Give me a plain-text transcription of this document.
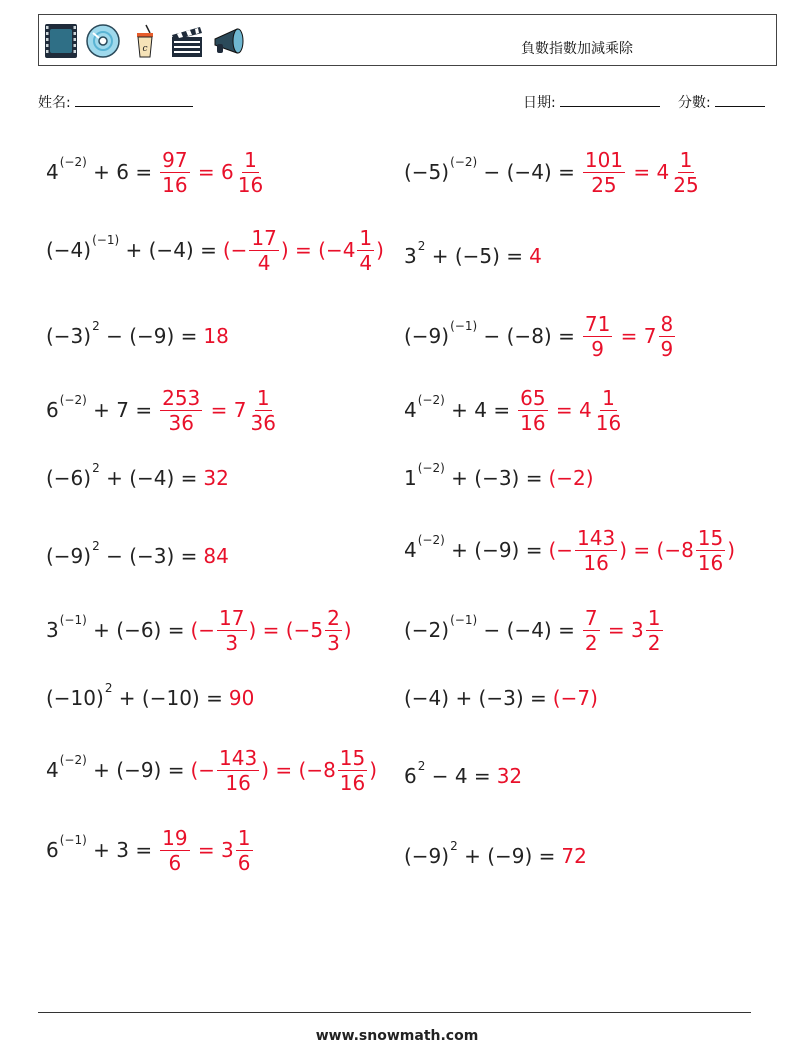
c	負數指數加減乘除
姓名:	日期:	分數:
4 $(-2) + 6 = \frac{97}{16} = 6 \frac{1}{16}$
(−4) (−1) + (−4) = (− $\frac{17}{4}$ ) = ($-4 \frac{1}{4}$ )
(−3) 2 − (−9) = 18
6 $(-2) + 7 = \frac{253}{36} = 7 \frac{1}{36}$
(−6) 2 + (−4) = 32
(−9) 2 − (−3) = 84
3 (−1) + (−6) = (− $\frac{17}{3}$ ) = ($-5 \frac{2}{3}$ )
(−10) 2 + (−10) = 90
4 (−2) + (−9) = (− $\frac{143}{16}$ ) = ($-8 \frac{15}{16}$ )
6 $(-1) + 3 = \frac{19}{6} = 3 \frac{1}{6}$
(−5) $(-2) - (-4) = \frac{101}{25} = 4 \frac{1}{25}$
3 2 + (−5) = 4
(−9) $(-1) - (-8) = \frac{71}{9} = 7 \frac{8}{9}$
4 $(-2) + 4 = \frac{65}{16} = 4 \frac{1}{16}$
1 (−2) + (−3) = (−2)
4 (−2) + (−9) = (− $\frac{143}{16}$ ) = ($-8 \frac{15}{16}$ )
(−2) $(-1) - (-4) = \frac{7}{2} = 3 \frac{1}{2}$
(−4) + (−3) = (−7)
6 2 − 4 = 32
(−9) 2 + (−9) = 72
www.snowmath.com
